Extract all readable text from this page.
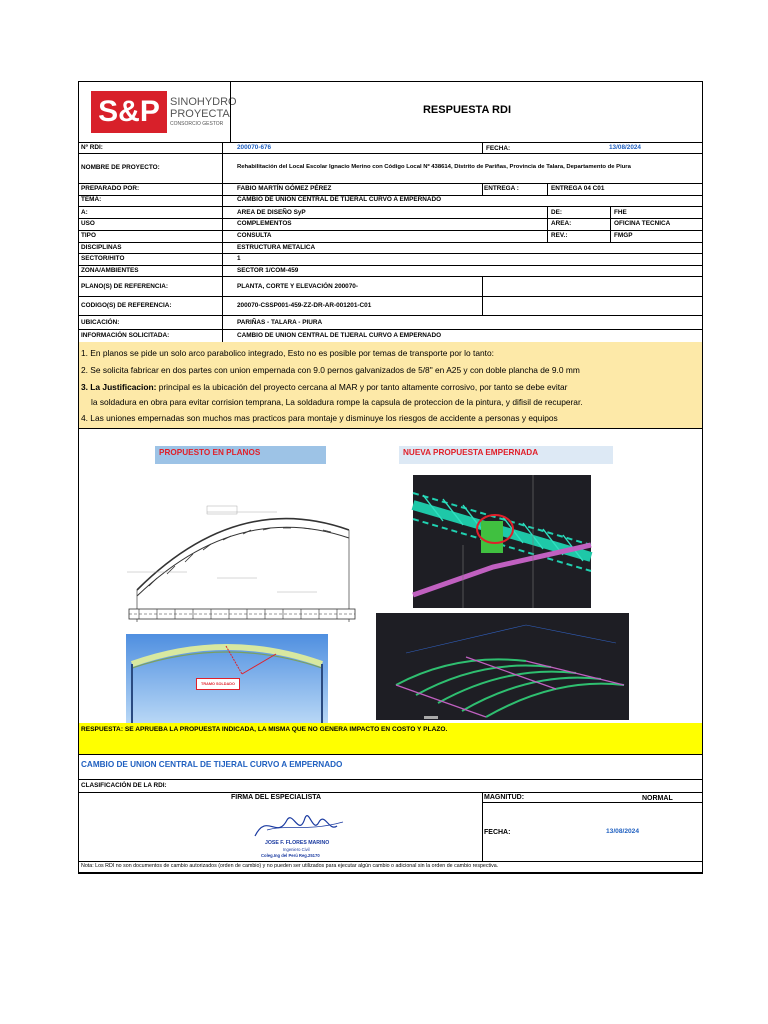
S&P SINOHYDRO
PROYECTA
CONSORCIO GESTOR
RESPUESTA RDI
Nº RDI:	200070-676	FECHA:	13/08/2024
NOMBRE DE PROYECTO:	Rehabilitación del Local Escolar Ignacio Merino con Código Local Nº 438614, Distrito de Pariñas, Provincia de Talara, Departamento de Piura
PREPARADO POR:	FABIO MARTÍN GÓMEZ PÉREZ	ENTREGA :	ENTREGA 04 C01
TEMA:	CAMBIO DE UNION CENTRAL DE TIJERAL CURVO A EMPERNADO
A:	AREA DE DISEÑO SyP	DE:	FHE
USO	COMPLEMENTOS	AREA:	OFICINA TECNICA
TIPO	CONSULTA	REV.:	FMGP
DISCIPLINAS	ESTRUCTURA METALICA
SECTOR/HITO	1
ZONA/AMBIENTES	SECTOR 1/COM-459
PLANO(S) DE REFERENCIA:	PLANTA, CORTE Y ELEVACIÓN 200070-
CODIGO(S) DE REFERENCIA:	200070-CSSP001-459-ZZ-DR-AR-001201-C01
UBICACIÓN:	PARIÑAS - TALARA - PIURA
INFORMACIÓN SOLICITADA:	CAMBIO DE UNION CENTRAL DE TIJERAL CURVO A EMPERNADO
1. En planos se pide un solo arco parabolico integrado, Esto no es posible por temas de transporte por lo tanto:
2. Se solicita fabricar en dos partes con union empernada con 9.0 pernos galvanizados de 5/8" en A25 y con doble plancha de 9.0 mm
3. La Justificacion: principal es la ubicación del proyecto cercana al MAR y por tanto altamente corrosivo, por tanto se debe evitar
la soldadura en obra para evitar corrision temprana, La soldadura rompe la capsula de proteccion de la pintura, y difisil de recuperar.
4. Las uniones empernadas son muchos mas practicos para montaje y disminuye los riesgos de accidente a personas y equipos
PROPUESTO EN PLANOS	NUEVA PROPUESTA EMPERNADA
TRAMO SOLDADO
RESPUESTA: SE APRUEBA LA PROPUESTA INDICADA, LA MISMA QUE NO GENERA IMPACTO EN COSTO Y PLAZO.
CAMBIO DE UNION CENTRAL DE TIJERAL CURVO A EMPERNADO
CLASIFICACIÓN DE LA RDI:
FIRMA DEL ESPECIALISTA	MAGNITUD:	NORMAL
JOSE F. FLORES MARINO
Ingeniero Civil
Coleg.Ing del Perú Reg.25170
FECHA:	13/08/2024
Nota: Los RDI no son documentos de cambio autorizados (orden de cambio) y no pueden ser utilizados para ejecutar algún cambio o adicional sin la orden de cambio respectiva.
